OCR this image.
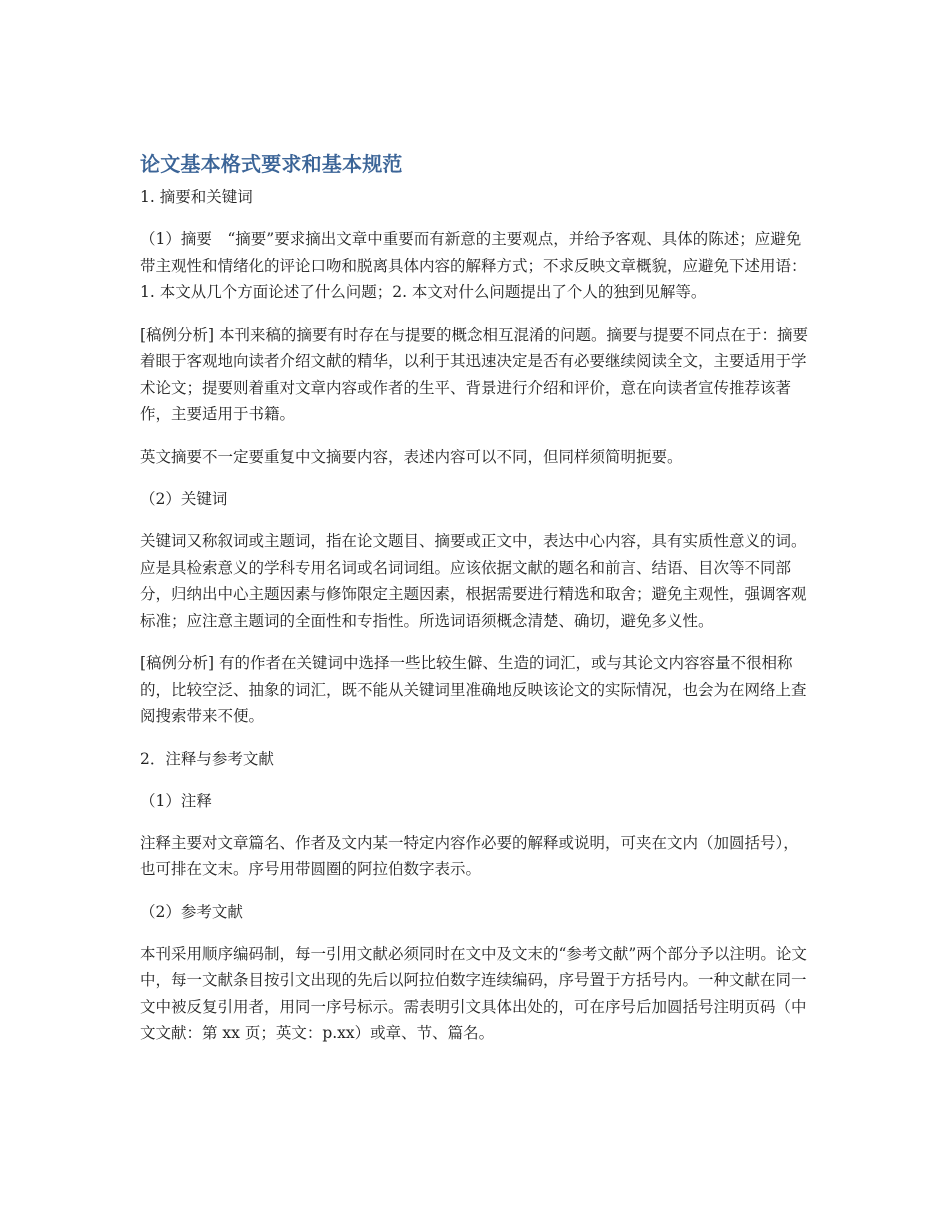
论文基本格式要求和基本规范
1. 摘要和关键词

（1）摘要　“摘要”要求摘出文章中重要而有新意的主要观点，并给予客观、具体的陈述；应避免带主观性和情绪化的评论口吻和脱离具体内容的解释方式；不求反映文章概貌，应避免下述用语：1. 本文从几个方面论述了什么问题；2. 本文对什么问题提出了个人的独到见解等。

[稿例分析] 本刊来稿的摘要有时存在与提要的概念相互混淆的问题。摘要与提要不同点在于：摘要着眼于客观地向读者介绍文献的精华，以利于其迅速决定是否有必要继续阅读全文，主要适用于学术论文；提要则着重对文章内容或作者的生平、背景进行介绍和评价，意在向读者宣传推荐该著作，主要适用于书籍。

英文摘要不一定要重复中文摘要内容，表述内容可以不同，但同样须简明扼要。

（2）关键词

关键词又称叙词或主题词，指在论文题目、摘要或正文中，表达中心内容，具有实质性意义的词。应是具检索意义的学科专用名词或名词词组。应该依据文献的题名和前言、结语、目次等不同部分，归纳出中心主题因素与修饰限定主题因素，根据需要进行精选和取舍；避免主观性，强调客观标准；应注意主题词的全面性和专指性。所选词语须概念清楚、确切，避免多义性。

[稿例分析] 有的作者在关键词中选择一些比较生僻、生造的词汇，或与其论文内容容量不很相称的，比较空泛、抽象的词汇，既不能从关键词里准确地反映该论文的实际情况，也会为在网络上查阅搜索带来不便。

2．注释与参考文献
（1）注释

注释主要对文章篇名、作者及文内某一特定内容作必要的解释或说明，可夹在文内（加圆括号），也可排在文末。序号用带圆圈的阿拉伯数字表示。

（2）参考文献

本刊采用顺序编码制，每一引用文献必须同时在文中及文末的“参考文献”两个部分予以注明。论文中，每一文献条目按引文出现的先后以阿拉伯数字连续编码，序号置于方括号内。一种文献在同一文中被反复引用者，用同一序号标示。需表明引文具体出处的，可在序号后加圆括号注明页码（中文文献：第 xx 页；英文：p.xx）或章、节、篇名。
